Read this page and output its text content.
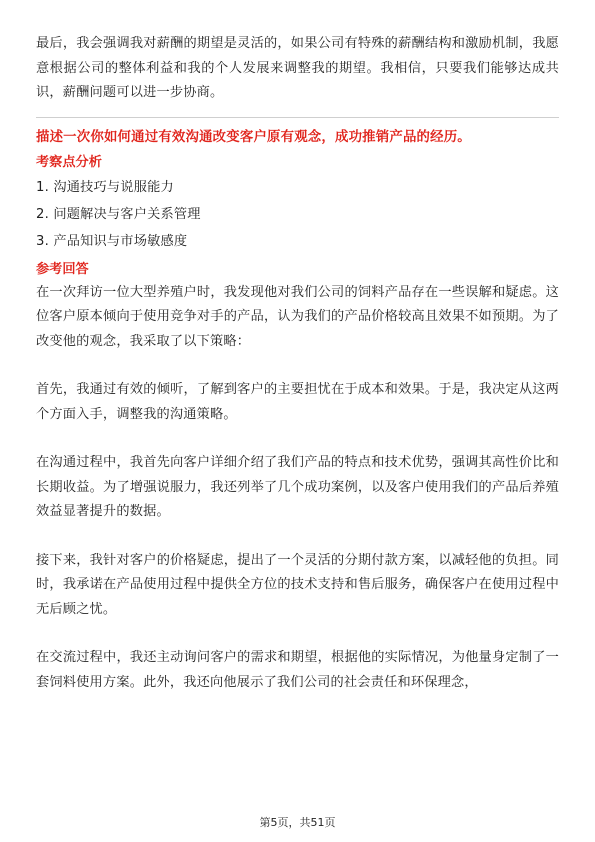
最后，我会强调我对薪酬的期望是灵活的，如果公司有特殊的薪酬结构和激励机制，我愿意根据公司的整体利益和我的个人发展来调整我的期望。我相信，只要我们能够达成共识，薪酬问题可以进一步协商。

描述一次你如何通过有效沟通改变客户原有观念，成功推销产品的经历。

考察点分析

1. 沟通技巧与说服能力

2. 问题解决与客户关系管理

3. 产品知识与市场敏感度

参考回答

在一次拜访一位大型养殖户时，我发现他对我们公司的饲料产品存在一些误解和疑虑。这位客户原本倾向于使用竞争对手的产品，认为我们的产品价格较高且效果不如预期。为了改变他的观念，我采取了以下策略：

首先，我通过有效的倾听，了解到客户的主要担忧在于成本和效果。于是，我决定从这两个方面入手，调整我的沟通策略。

在沟通过程中，我首先向客户详细介绍了我们产品的特点和技术优势，强调其高性价比和长期收益。为了增强说服力，我还列举了几个成功案例，以及客户使用我们的产品后养殖效益显著提升的数据。

接下来，我针对客户的价格疑虑，提出了一个灵活的分期付款方案，以减轻他的负担。同时，我承诺在产品使用过程中提供全方位的技术支持和售后服务，确保客户在使用过程中无后顾之忧。

在交流过程中，我还主动询问客户的需求和期望，根据他的实际情况，为他量身定制了一套饲料使用方案。此外，我还向他展示了我们公司的社会责任和环保理念，

第5页，共51页
